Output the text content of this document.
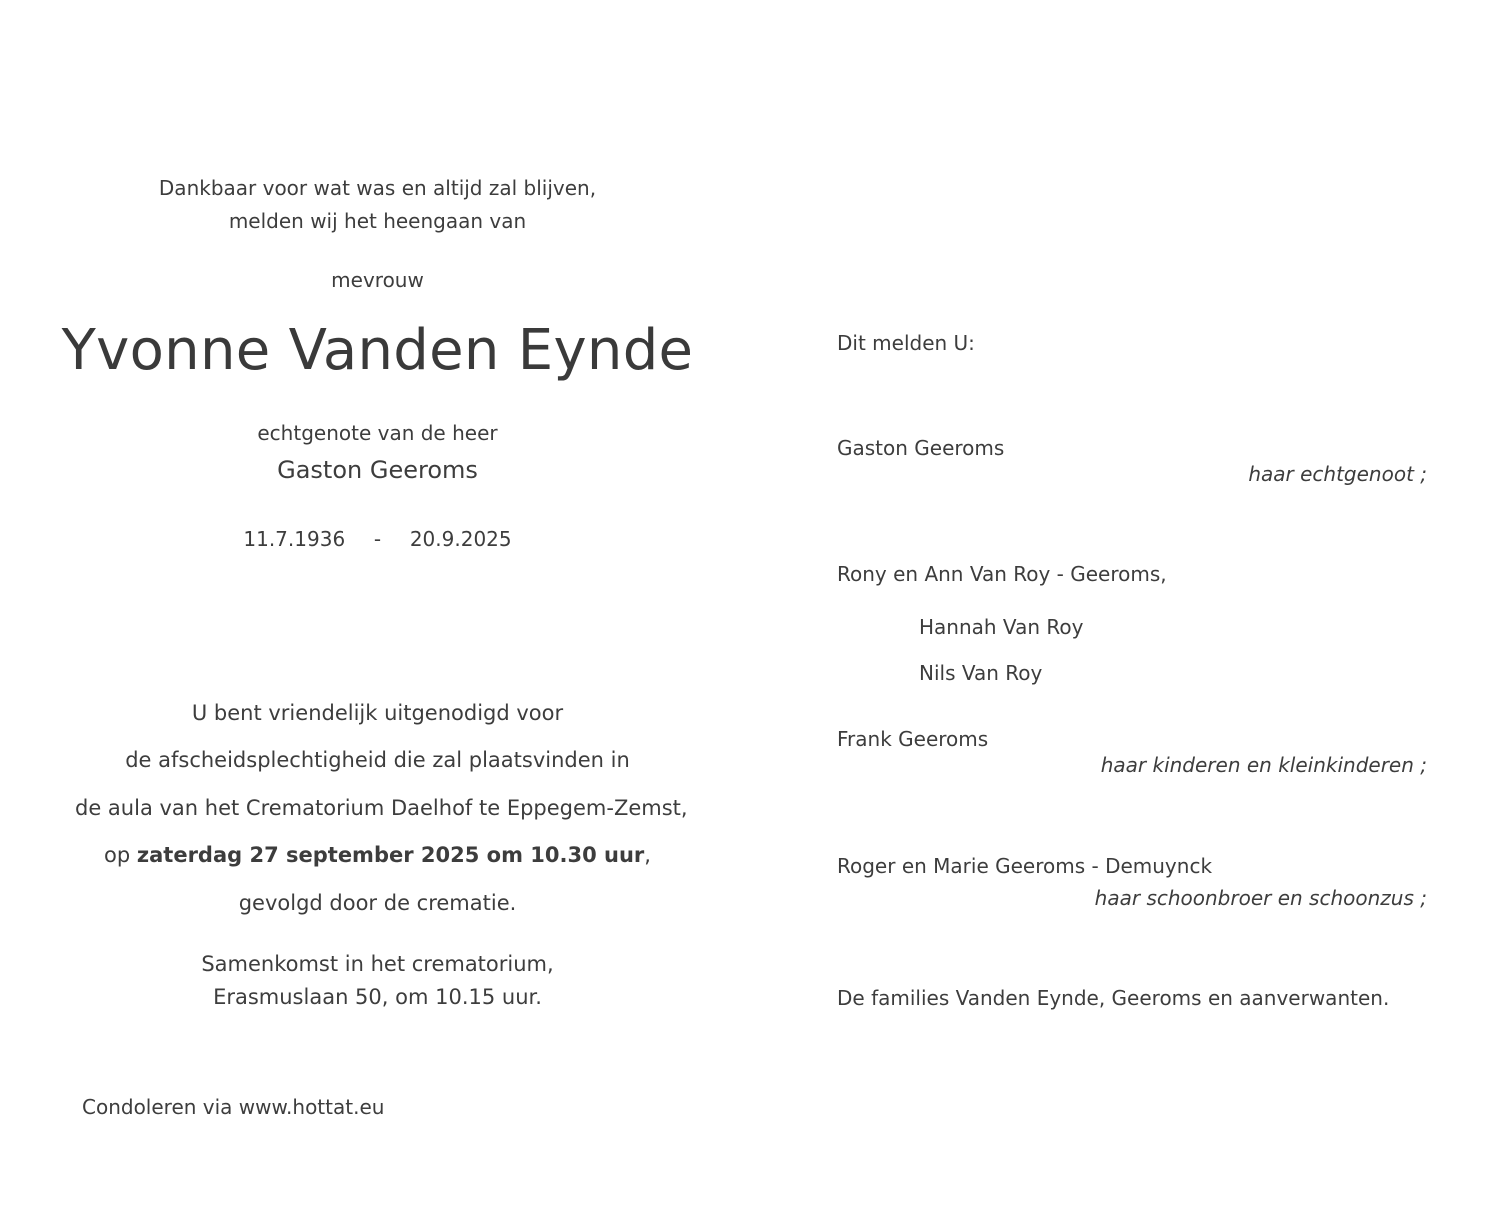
Dankbaar voor wat was en altijd zal blijven,
melden wij het heengaan van
mevrouw
Yvonne Vanden Eynde
echtgenote van de heer
Gaston Geeroms
11.7.1936 - 20.9.2025
U bent vriendelijk uitgenodigd voor
de afscheidsplechtigheid die zal plaatsvinden in
de aula van het Crematorium Daelhof te Eppegem-Zemst,
op zaterdag 27 september 2025 om 10.30 uur,
gevolgd door de crematie.
Samenkomst in het crematorium,
Erasmuslaan 50, om 10.15 uur.
Condoleren via www.hottat.eu
Dit melden U:
Gaston Geeroms
haar echtgenoot ;
Rony en Ann Van Roy - Geeroms,
Hannah Van Roy
Nils Van Roy
Frank Geeroms
haar kinderen en kleinkinderen ;
Roger en Marie Geeroms - Demuynck
haar schoonbroer en schoonzus ;
De families Vanden Eynde, Geeroms en aanverwanten.
